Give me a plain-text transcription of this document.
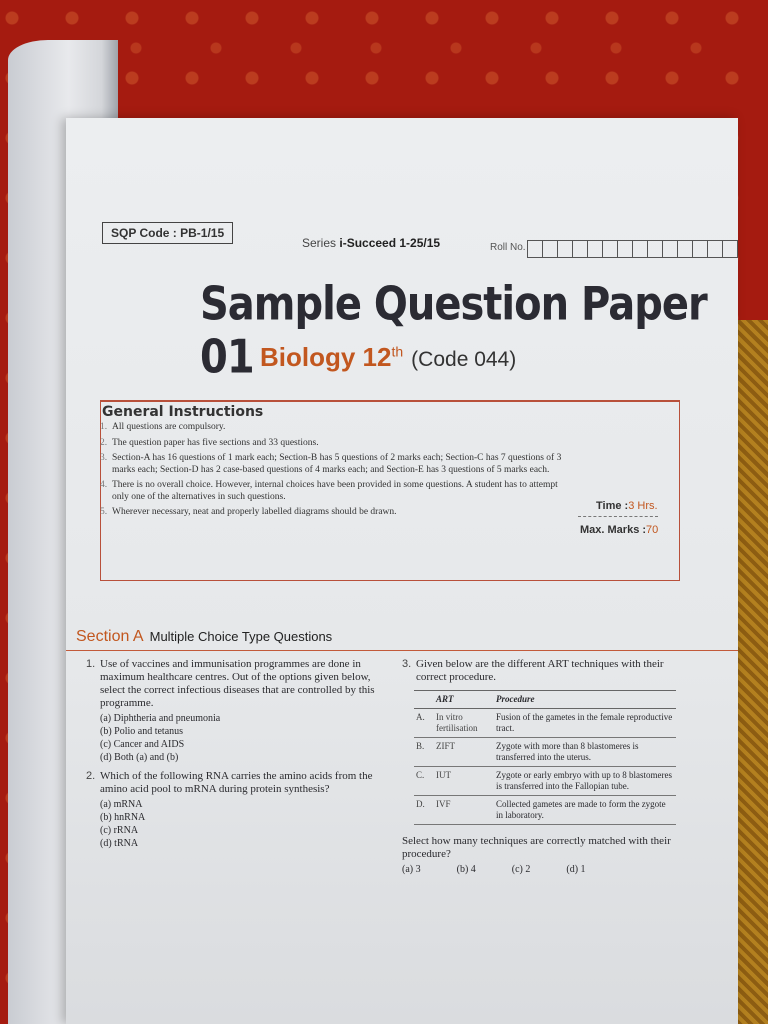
SQP Code : PB-1/15
Series i-Succeed 1-25/15	Roll No.
Sample Question Paper 01 Biology 12th (Code 044)
General Instructions
1. All questions are compulsory.
2. The question paper has five sections and 33 questions.
3. Section-A has 16 questions of 1 mark each; Section-B has 5 questions of 2 marks each; Section-C has 7 questions of 3 marks each; Section-D has 2 case-based questions of 4 marks each; and Section-E has 3 questions of 5 marks each.
4. There is no overall choice. However, internal choices have been provided in some questions. A student has to attempt only one of the alternatives in such questions.
5. Wherever necessary, neat and properly labelled diagrams should be drawn.	Time :3 Hrs.
Max. Marks :70
Section A Multiple Choice Type Questions
1. Use of vaccines and immunisation programmes are done in maximum healthcare centres. Out of the options given below, select the correct infectious diseases that are controlled by this programme.
(a) Diphtheria and pneumonia
(b) Polio and tetanus
(c) Cancer and AIDS
(d) Both (a) and (b)
2. Which of the following RNA carries the amino acids from the amino acid pool to mRNA during protein synthesis?
(a) mRNA
(b) hnRNA
(c) rRNA
(d) tRNA
3. Given below are the different ART techniques with their correct procedure.
	ART	Procedure
A.	In vitro fertilisation	Fusion of the gametes in the female reproductive tract.
B.	ZIFT	Zygote with more than 8 blastomeres is transferred into the uterus.
C.	IUT	Zygote or early embryo with up to 8 blastomeres is transferred into the Fallopian tube.
D.	IVF	Collected gametes are made to form the zygote in laboratory.
Select how many techniques are correctly matched with their procedure?
(a) 3	(b) 4	(c) 2	(d) 1
